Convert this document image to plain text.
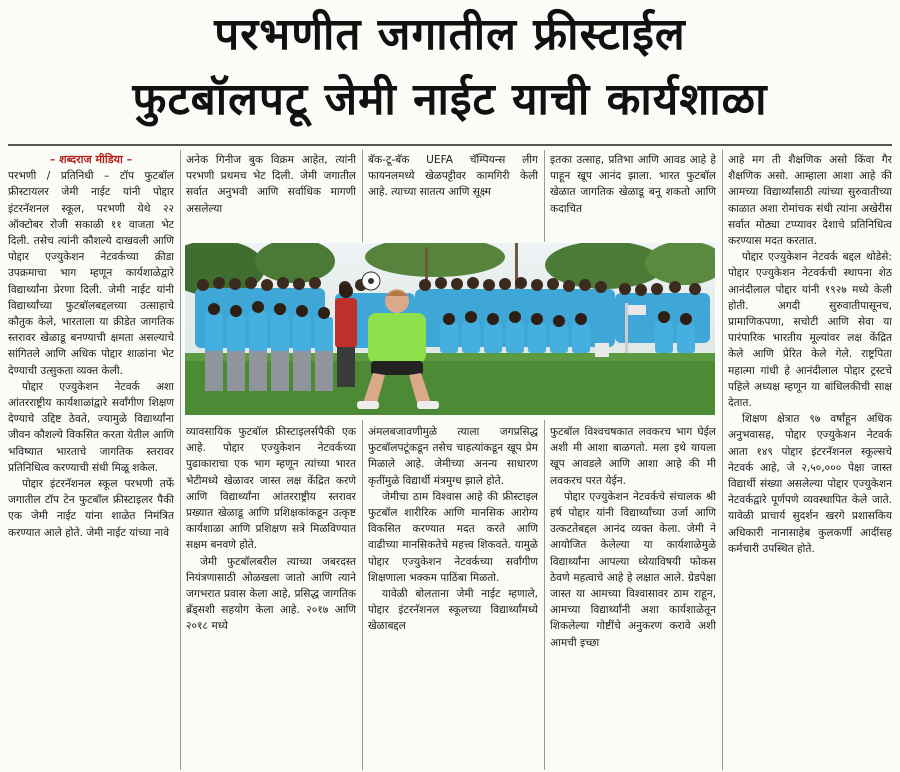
परभणीत जगातील फ्रीस्टाईल
फुटबॉलपटू जेमी नाईट याची कार्यशाळा

– शब्दराज मीडिया –

परभणी / प्रतिनिधी – टॉप फुटबॉल फ्रीस्टायलर जेमी नाईट यांनी पोद्दार इंटरनॅशनल स्कूल, परभणी येथे २२ ऑक्टोबर रोजी सकाळी ११ वाजता भेट दिली. तसेच त्यांनी कौशल्ये दाखवली आणि पोद्दार एज्युकेशन नेटवर्कच्या क्रीडा उपक्रमाचा भाग म्हणून कार्यशाळेद्वारे विद्यार्थ्यांना प्रेरणा दिली. जेमी नाईट यांनी विद्यार्थ्यांच्या फुटबॉलबद्दलच्या उत्साहाचे कौतुक केले, भारताला या क्रीडेत जागतिक स्तरावर खेळाडू बनण्याची क्षमता असल्याचे सांगितले आणि अधिक पोद्दार शाळांना भेट देण्याची उत्सुकता व्यक्त केली.

पोद्दार एज्युकेशन नेटवर्क अशा आंतरराष्ट्रीय कार्यशाळांद्वारे सर्वांगीण शिक्षण देण्याचे उद्दिष्ट ठेवते, ज्यामुळे विद्यार्थ्यांना जीवन कौशल्ये विकसित करता येतील आणि भविष्यात भारताचे जागतिक स्तरावर प्रतिनिधित्व करण्याची संधी मिळू शकेल.

पोद्दार इंटरनॅशनल स्कूल परभणी तर्फे जगातील टॉप टेन फुटबॉल फ्रीस्टाइलर पैकी एक जेमी नाईट यांना शाळेत निमंत्रित करण्यात आले होते. जेमी नाईट यांच्या नावे

अनेक गिनीज बुक विक्रम आहेत, त्यांनी परभणी प्रथमच भेट दिली. जेमी जगातील सर्वात अनुभवी आणि सर्वाधिक मागणी असलेल्या

बॅक-टू-बॅक UEFA चॅम्पियन्स लीग फायनलमध्ये खेळपट्टीवर कामगिरी केली आहे. त्याच्या सातत्य आणि सूक्ष्म

इतका उत्साह, प्रतिभा आणि आवड आहे हे पाहून खूप आनंद झाला. भारत फुटबॉल खेळात जागतिक खेळाडू बनू शकतो आणि कदाचित

आहे मग ती शैक्षणिक असो किंवा गैर शैक्षणिक असो. आम्हाला आशा आहे की आमच्या विद्यार्थ्यांसाठी त्यांच्या सुरुवातीच्या काळात अशा रोमांचक संधी त्यांना अखेरीस सर्वात मोठ्या टप्प्यावर देशाचे प्रतिनिधित्व करण्यास मदत करतात.

पोद्दार एज्युकेशन नेटवर्क बद्दल थोडेसे: पोद्दार एज्युकेशन नेटवर्कची स्थापना शेठ आनंदीलाल पोद्दार यांनी १९२७ मध्ये केली होती. अगदी सुरुवातीपासूनच, प्रामाणिकपणा, सचोटी आणि सेवा या पारंपारिक भारतीय मूल्यांवर लक्ष केंद्रित केले आणि प्रेरित केले गेले. राष्ट्रपिता महात्मा गांधी हे आनंदीलाल पोद्दार ट्रस्टचे पहिले अध्यक्ष म्हणून या बांधिलकीची साक्ष देतात.

शिक्षण क्षेत्रात ९७ वर्षांहून अधिक अनुभवासह, पोद्दार एज्युकेशन नेटवर्क आता १४९ पोद्दार इंटरनॅशनल स्कूल्सचे नेटवर्क आहे, जे २,५०,००० पेक्षा जास्त विद्यार्थी संख्या असलेल्या पोद्दार एज्युकेशन नेटवर्कद्वारे पूर्णपणे व्यवस्थापित केले जाते. यावेळी प्राचार्य सुदर्शन खरगे प्रशासकिय अधिकारी नानासाहेब कुलकर्णी आदींसह कर्मचारी उपस्थित होते.

व्यावसायिक फुटबॉल फ्रीस्टाइलर्सपैकी एक आहे. पोद्दार एज्युकेशन नेटवर्कच्या पुढाकाराचा एक भाग म्हणून त्यांच्या भारत भेटीमध्ये खेळावर जास्त लक्ष केंद्रित करणे आणि विद्यार्थ्यांना आंतरराष्ट्रीय स्तरावर प्रख्यात खेळाडू आणि प्रशिक्षकांकडून उत्कृष्ट कार्यशाळा आणि प्रशिक्षण सत्रे मिळविण्यात सक्षम बनवणे होते.

जेमी फुटबॉलबरील त्याच्या जबरदस्त नियंत्रणासाठी ओळखला जातो आणि त्याने जगभरात प्रवास केला आहे, प्रसिद्ध जागतिक ब्रँड्सशी सहयोग केला आहे. २०१७ आणि २०१८ मध्ये

अंमलबजावणीमुळे त्याला जगप्रसिद्ध फुटबॉलपटूंकडून तसेच चाहत्यांकडून खूप प्रेम मिळाले आहे. जेमीच्या अनन्य साधारण कृतींमुळे विद्यार्थी मंत्रमुग्ध झाले होते.

जेमीचा ठाम विश्वास आहे की फ्रीस्टाइल फुटबॉल शारीरिक आणि मानसिक आरोग्य विकसित करण्यात मदत करते आणि वाढीच्या मानसिकतेचे महत्त्व शिकवते. यामुळे पोद्दार एज्युकेशन नेटवर्कच्या सर्वांगीण शिक्षणाला भक्कम पाठिंबा मिळतो.

यावेळी बोलताना जेमी नाईट म्हणाले, पोद्दार इंटरनॅशनल स्कूलच्या विद्यार्थ्यांमध्ये खेळाबद्दल

फुटबॉल विश्वचषकात लवकरच भाग घेईल अशी मी आशा बाळगतो. मला इथे यायला खूप आवडले आणि आशा आहे की मी लवकरच परत येईन.

पोद्दार एज्युकेशन नेटवर्कचे संचालक श्री हर्ष पोद्दार यांनी विद्यार्थ्यांच्या उर्जा आणि उत्कटतेबद्दल आनंद व्यक्त केला. जेमी ने आयोजित केलेल्या या कार्यशाळेमुळे विद्यार्थ्यांना आपल्या ध्येयाविषयी फोकस ठेवणे महत्वाचे आहे हे लक्षात आले. ग्रेडपेक्षा जास्त या आमच्या विश्वासावर ठाम राहून, आमच्या विद्यार्थ्यांनी अशा कार्यशाळेतून शिकलेल्या गोष्टींचे अनुकरण करावे अशी आमची इच्छा
